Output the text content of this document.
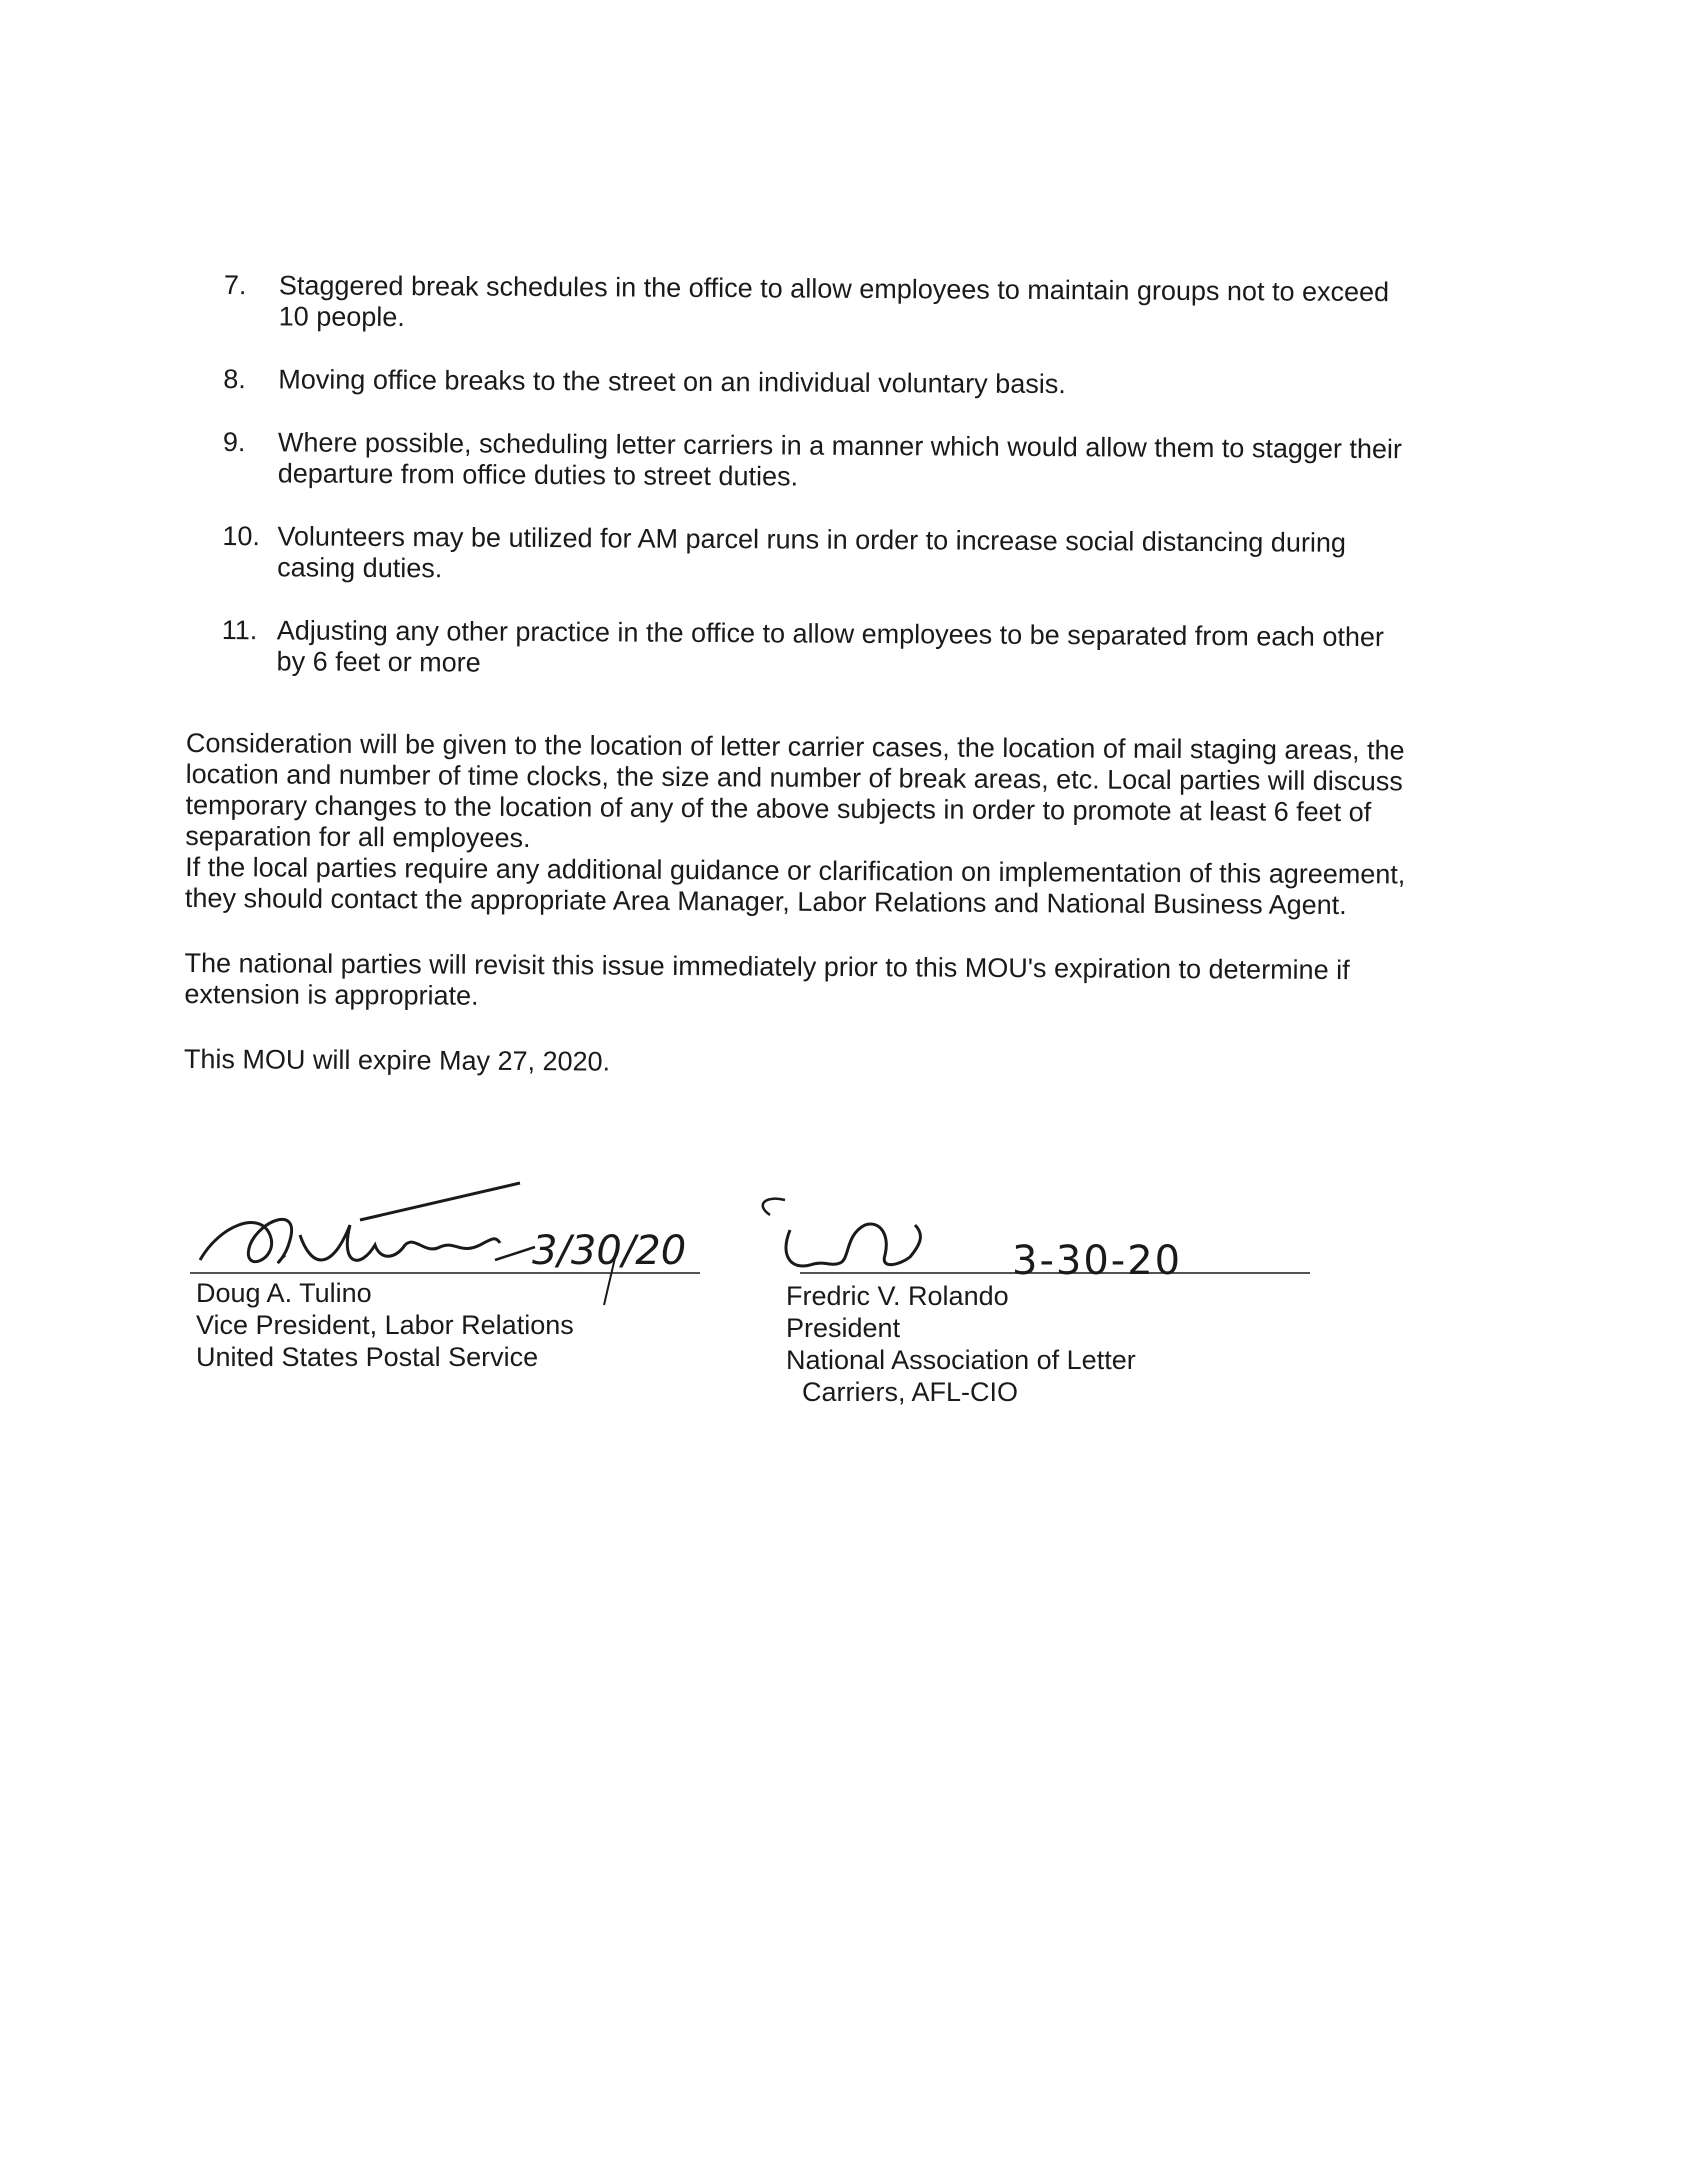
7. Staggered break schedules in the office to allow employees to maintain groups not to exceed 10 people.
8. Moving office breaks to the street on an individual voluntary basis.
9. Where possible, scheduling letter carriers in a manner which would allow them to stagger their departure from office duties to street duties.
10. Volunteers may be utilized for AM parcel runs in order to increase social distancing during casing duties.
11. Adjusting any other practice in the office to allow employees to be separated from each other by 6 feet or more

Consideration will be given to the location of letter carrier cases, the location of mail staging areas, the location and number of time clocks, the size and number of break areas, etc. Local parties will discuss temporary changes to the location of any of the above subjects in order to promote at least 6 feet of separation for all employees.

If the local parties require any additional guidance or clarification on implementation of this agreement, they should contact the appropriate Area Manager, Labor Relations and National Business Agent.

The national parties will revisit this issue immediately prior to this MOU's expiration to determine if extension is appropriate.

This MOU will expire May 27, 2020.

3/30/20	3-30-20
Doug A. Tulino
Vice President, Labor Relations
United States Postal Service
Fredric V. Rolando
President
National Association of Letter
Carriers, AFL-CIO
